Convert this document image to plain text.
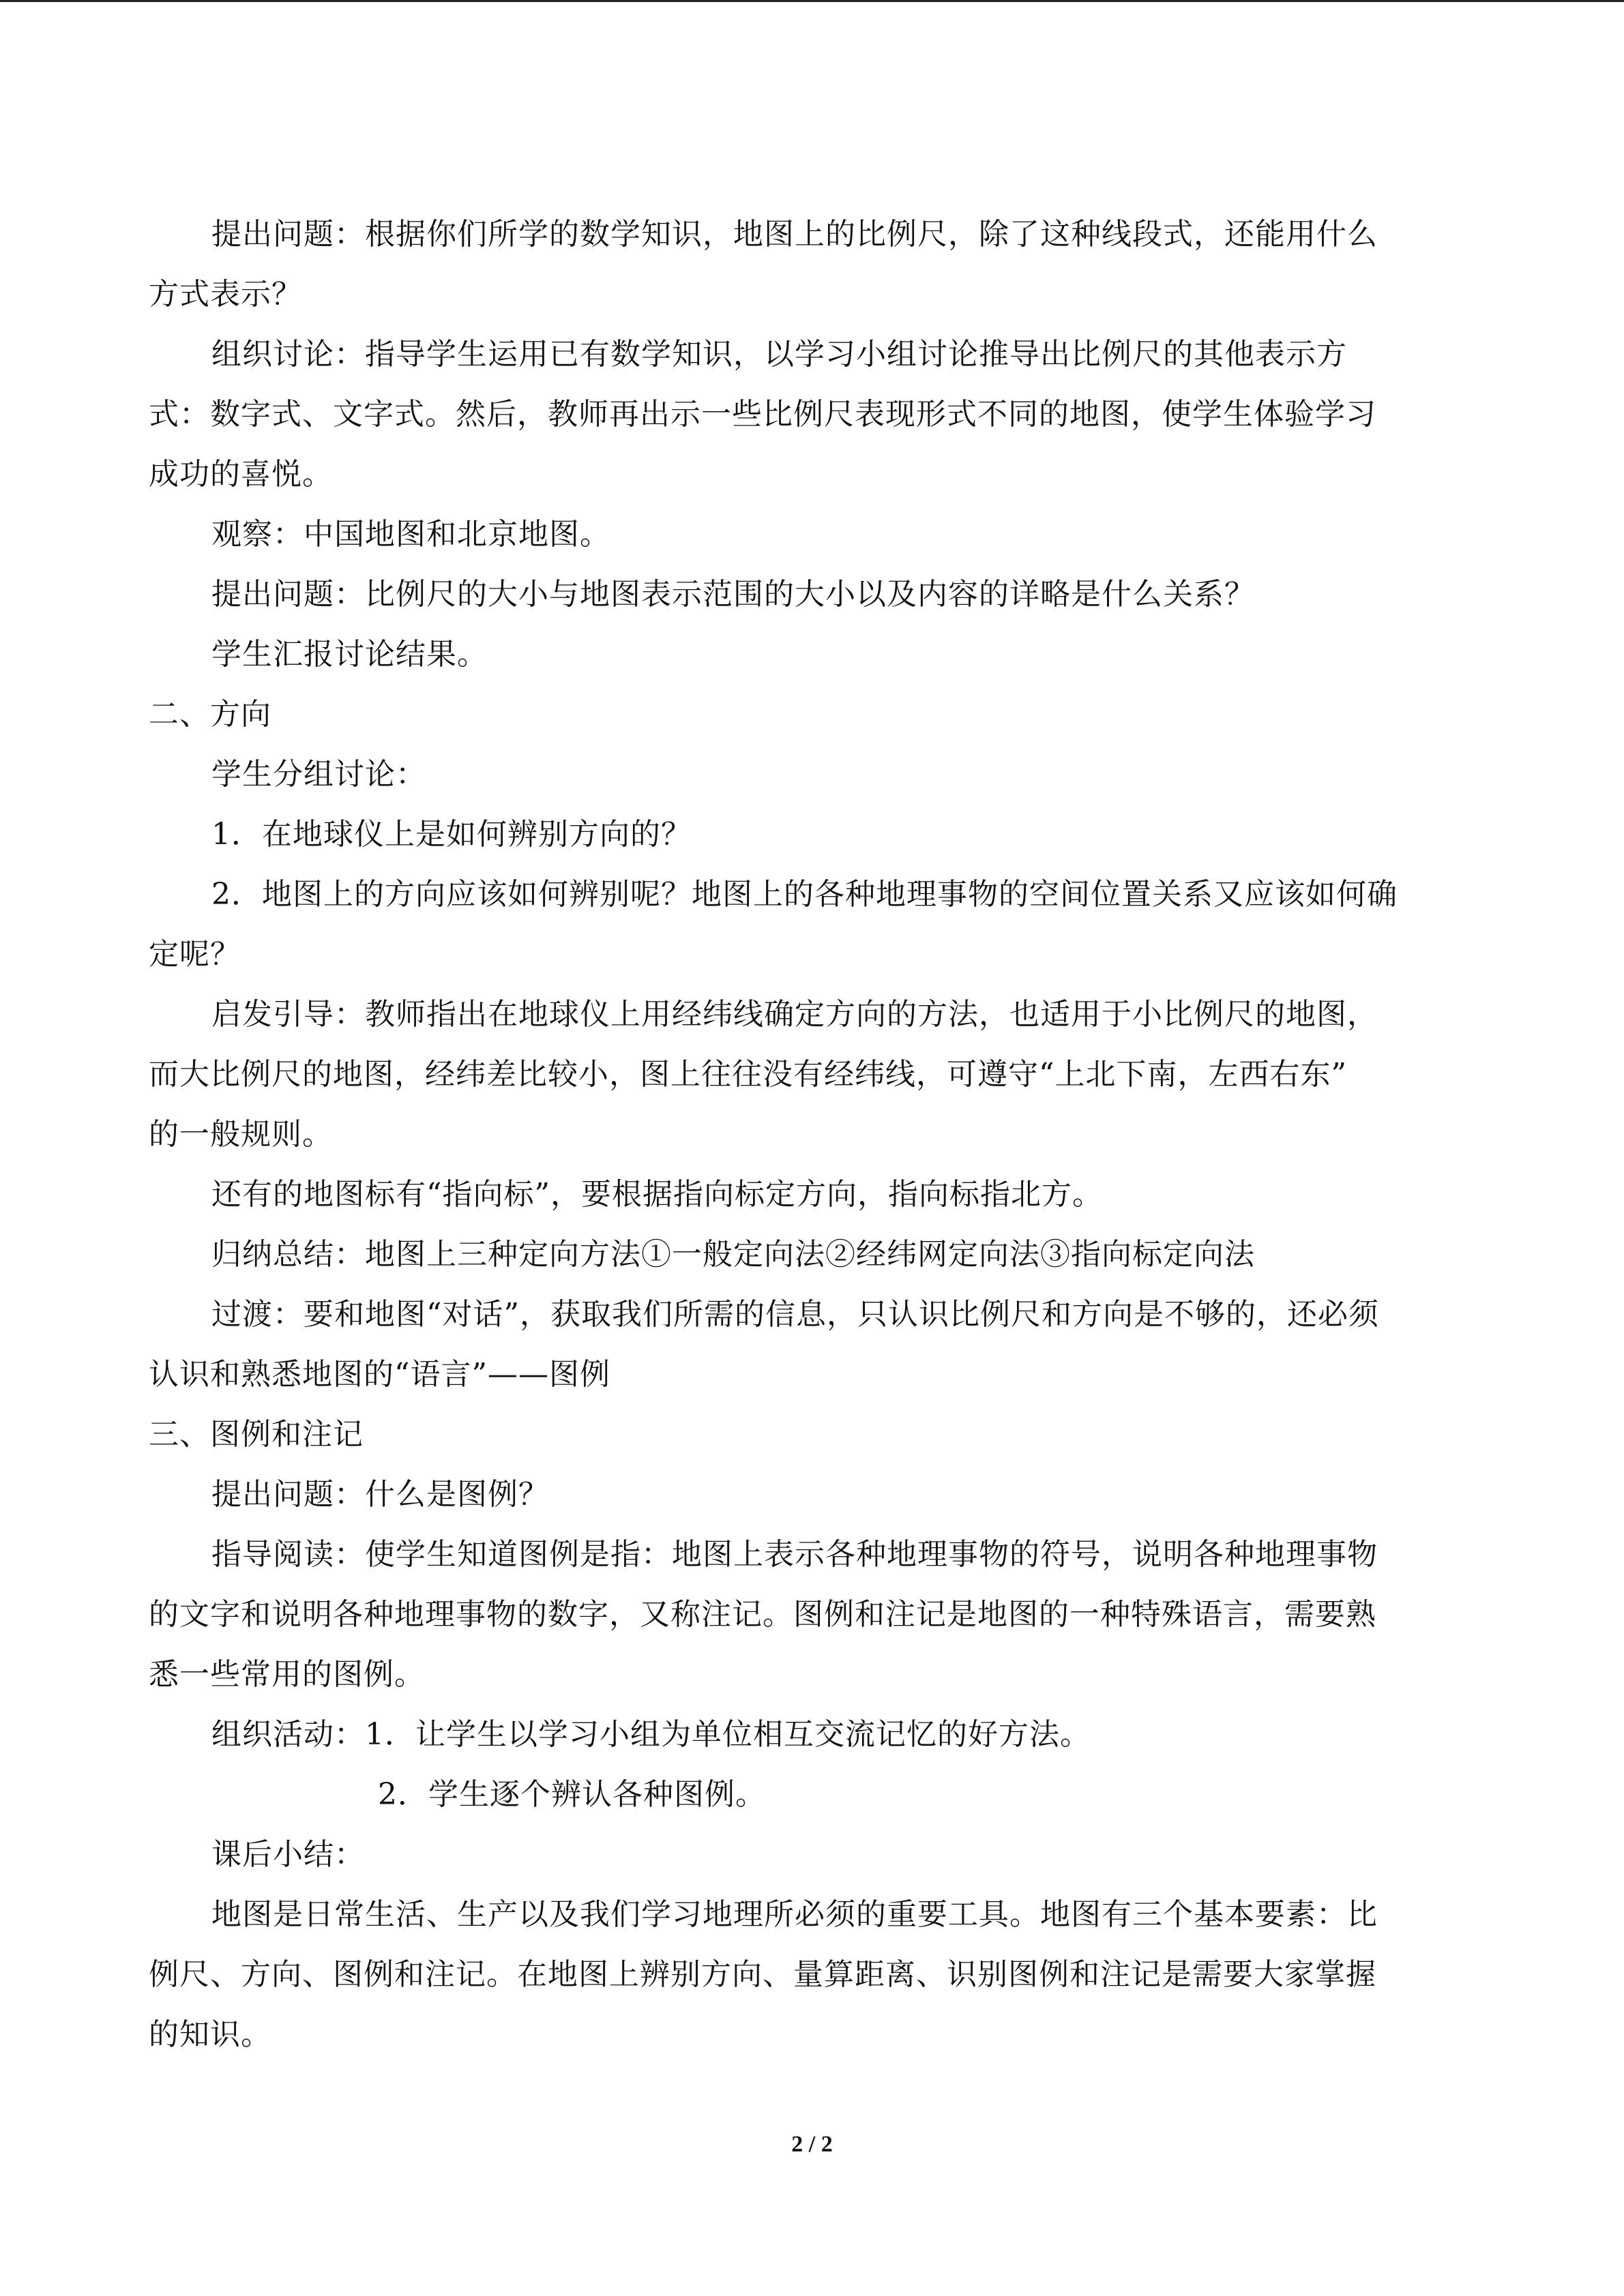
提出问题：根据你们所学的数学知识，地图上的比例尺，除了这种线段式，还能用什么
方式表示？
组织讨论：指导学生运用已有数学知识，以学习小组讨论推导出比例尺的其他表示方
式：数字式、文字式。然后，教师再出示一些比例尺表现形式不同的地图，使学生体验学习
成功的喜悦。
观察：中国地图和北京地图。
提出问题：比例尺的大小与地图表示范围的大小以及内容的详略是什么关系？
学生汇报讨论结果。
二、方向
学生分组讨论：
1．在地球仪上是如何辨别方向的？
2．地图上的方向应该如何辨别呢？地图上的各种地理事物的空间位置关系又应该如何确
定呢？
启发引导：教师指出在地球仪上用经纬线确定方向的方法，也适用于小比例尺的地图，
而大比例尺的地图，经纬差比较小，图上往往没有经纬线，可遵守“上北下南，左西右东”
的一般规则。
还有的地图标有“指向标”，要根据指向标定方向，指向标指北方。
归纳总结：地图上三种定向方法①一般定向法②经纬网定向法③指向标定向法
过渡：要和地图“对话”，获取我们所需的信息，只认识比例尺和方向是不够的，还必须
认识和熟悉地图的“语言”——图例
三、图例和注记
提出问题：什么是图例？
指导阅读：使学生知道图例是指：地图上表示各种地理事物的符号，说明各种地理事物
的文字和说明各种地理事物的数字，又称注记。图例和注记是地图的一种特殊语言，需要熟
悉一些常用的图例。
组织活动：1．让学生以学习小组为单位相互交流记忆的好方法。
2．学生逐个辨认各种图例。
课后小结：
地图是日常生活、生产以及我们学习地理所必须的重要工具。地图有三个基本要素：比
例尺、方向、图例和注记。在地图上辨别方向、量算距离、识别图例和注记是需要大家掌握
的知识。
2 / 2
